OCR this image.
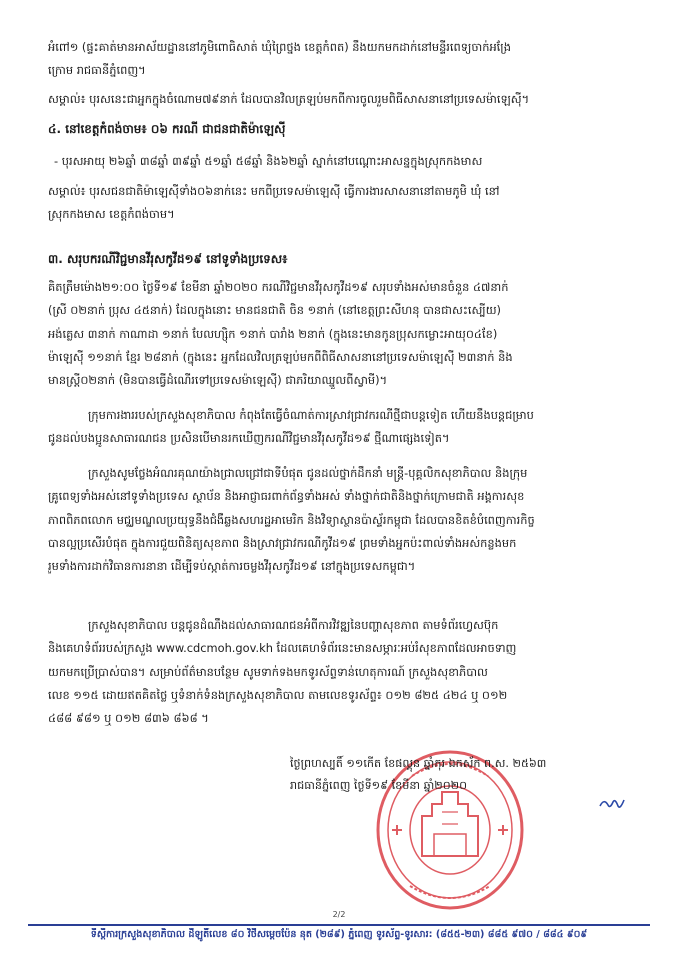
អំពៅ១ (ផ្ទះគាត់មានអាស័យដ្ឋាននៅភូមិពោធិសាត់ ឃុំព្រៃថ្នង ខេត្តកំពត) នឹងយកមកដាក់នៅមន្ទីរពេទ្យចាក់អង្រែ
ក្រោម រាជធានីភ្នំពេញ។
សម្គាល់៖ បុរសនេះជាអ្នកក្នុងចំណោម៧៩នាក់ ដែលបានវិលត្រឡប់មកពីការចូលរួមពិធីសាសនានៅប្រទេសម៉ាឡេស៊ី។
៤. នៅខេត្តកំពង់ចាម៖ ០៦ ករណី ជាជនជាតិម៉ាឡេស៊ី
- បុរសអាយុ ២៦ឆ្នាំ ៣៨ឆ្នាំ ៣៩ឆ្នាំ ៥១ឆ្នាំ ៥៨ឆ្នាំ និង៦២ឆ្នាំ ស្នាក់នៅបណ្តោះអាសន្នក្នុងស្រុកកងមាស
សម្គាល់៖ បុរសជនជាតិម៉ាឡេស៊ីទាំង០៦នាក់នេះ មកពីប្រទេសម៉ាឡេស៊ី ធ្វើការងារសាសនានៅតាមភូមិ ឃុំ នៅ
ស្រុកកងមាស ខេត្តកំពង់ចាម។
៣. សរុបករណីវិជ្ជមានវីរុសកូវីដ១៩ នៅទូទាំងប្រទេស៖
គិតត្រឹមម៉ោង២១:០០ ថ្ងៃទី១៩ ខែមីនា ឆ្នាំ២០២០ ករណីវិជ្ជមានវីរុសកូវីដ១៩ សរុបទាំងអស់មានចំនួន ៤៧នាក់
(ស្រី ០២នាក់ ប្រុស ៤៥នាក់) ដែលក្នុងនោះ មានជនជាតិ ចិន ១នាក់ (នៅខេត្តព្រះសីហនុ បានជាសះស្បើយ)
អង់គ្លេស ៣នាក់ កាណាដា ១នាក់ បែលហ្ស៊ិក ១នាក់ បារាំង ២នាក់ (ក្នុងនេះមានកូនប្រុសកម្លោះអាយុ០៤ខែ)
ម៉ាឡេស៊ី ១១នាក់ ខ្មែរ ២៨នាក់ (ក្នុងនេះ អ្នកដែលវិលត្រឡប់មកពីពិធីសាសនានៅប្រទេសម៉ាឡេស៊ី ២៣នាក់ និង
មានស្ត្រី០២នាក់ (មិនបានធ្វើដំណើរទៅប្រទេសម៉ាឡេស៊ី) ជាភរិយាឈ្នួលពីស្វាមី)។
ក្រុមការងាររបស់ក្រសួងសុខាភិបាល កំពុងតែធ្វើចំណាត់ការស្រាវជ្រាវករណីថ្មីជាបន្តទៀត ហើយនឹងបន្តជម្រាប
ជូនដល់បងប្អូនសាធារណជន ប្រសិនបើមានរកឃើញករណីវិជ្ជមានវីរុសកូវីដ១៩ ថ្មីណាផ្សេងទៀត។
ក្រសួងសូមថ្លែងអំណរគុណយ៉ាងជ្រាលជ្រៅជាទីបំផុត ជូនដល់ថ្នាក់ដឹកនាំ មន្ត្រី-បុគ្គលិកសុខាភិបាល និងក្រុម
គ្រូពេទ្យទាំងអស់នៅទូទាំងប្រទេស ស្ថាប័ន និងអាជ្ញាធរពាក់ព័ន្ធទាំងអស់ ទាំងថ្នាក់ជាតិនិងថ្នាក់ក្រោមជាតិ អង្គការសុខ
ភាពពិភពលោក មជ្ឈមណ្ឌលប្រយុទ្ធនឹងជំងឺឆ្លងសហរដ្ឋអាមេរិក និងវិទ្យាស្ថានប៉ាស្ទ័រកម្ពុជា ដែលបានខិតខំបំពេញការកិច្ច
បានល្អប្រសើរបំផុត ក្នុងការជួយពិនិត្យសុខភាព និងស្រាវជ្រាវករណីកូវីដ១៩ ព្រមទាំងអ្នកប៉ះពាល់ទាំងអស់កន្លងមក
រួមទាំងការដាក់វិធានការនានា ដើម្បីទប់ស្កាត់ការចម្លងវីរុសកូវីដ១៩ នៅក្នុងប្រទេសកម្ពុជា។
ក្រសួងសុខាភិបាល បន្តជូនដំណឹងដល់សាធារណជនអំពីការវិវឌ្ឍនៃបញ្ហាសុខភាព តាមទំព័រហ្វេសប៊ុក
និងគេហទំព័ររបស់ក្រសួង www.cdcmoh.gov.kh ដែលគេហទំព័រនេះមានសម្ភារៈអប់រំសុខភាពដែលអាចទាញ
យកមកប្រើប្រាស់បាន។ សម្រាប់ព័ត៌មានបន្ថែម សូមទាក់ទងមកទូរស័ព្ទទាន់ហេតុការណ៍ ក្រសួងសុខាភិបាល
លេខ ១១៥ ដោយឥតគិតថ្លៃ ឬទំនាក់ទំនងក្រសួងសុខាភិបាល តាមលេខទូរស័ព្ទ៖ ០១២ ៨២៥ ៤២៤ ឬ ០១២
៤៨៨ ៩៨១ ឬ ០១២ ៨៣៦ ៨៦៨ ។
ថ្ងៃព្រហស្បតិ៍ ១១កើត ខែផល្គុន ឆ្នាំកុរ ឯកស័ក ព.ស. ២៥៦៣
រាជធានីភ្នំពេញ ថ្ងៃទី១៩ ខែមីនា ឆ្នាំ២០២០
2/2
ទីស្តីការក្រសួងសុខាភិបាល ដីឡូតិ៍លេខ ៨០ វិថីសម្ដេចប៉ែន នុត (២៨៩) ភ្នំពេញ ទូរស័ព្ទ-ទូរសារ: (៨៥៥-២៣) ៨៨៥ ៩៧០ / ៨៨៤ ៩០៩
